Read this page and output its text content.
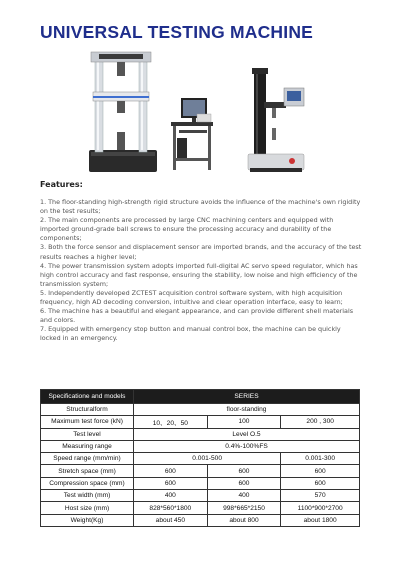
UNIVERSAL TESTING MACHINE
Features:
1. The floor-standing high-strength rigid structure avoids the influence of the machine's own rigidity on the test results;
2. The main components are processed by large CNC machining centers and equipped with imported ground-grade ball screws to ensure the processing accuracy and durability of the components;
3. Both the force sensor and displacement sensor are imported brands, and the accuracy of the test results reaches a higher level;
4. The power transmission system adopts imported full-digital AC servo speed regulator, which has high control accuracy and fast response, ensuring the stability, low noise and high efficiency of the transmission system;
5. Independently developed ZCTEST acquisition control software system, with high acquisition frequency, high AD decoding conversion, intuitive and clear operation interface, easy to learn;
6. The machine has a beautiful and elegant appearance, and can provide different shell materials and colors.
7. Equipped with emergency stop button and manual control box, the machine can be quickly locked in an emergency.
Specificatione and models	SERIES		
Structuralform	floor-standing		
Maximum test force (kN)	10、20、50	100	200 , 300
Test level	Level O.5		
Measuring range	0.4%-100%FS		
Speed range (mm/min)	0.001-500		0.001-300
Stretch space (mm)	600	600	600
Compression space (mm)	600	600	600
Test width (mm)	400	400	570
Host size (mm)	828*560*1800	998*665*2150	1100*900*2700
Weight(Kg)	about 450	about 800	about 1800
